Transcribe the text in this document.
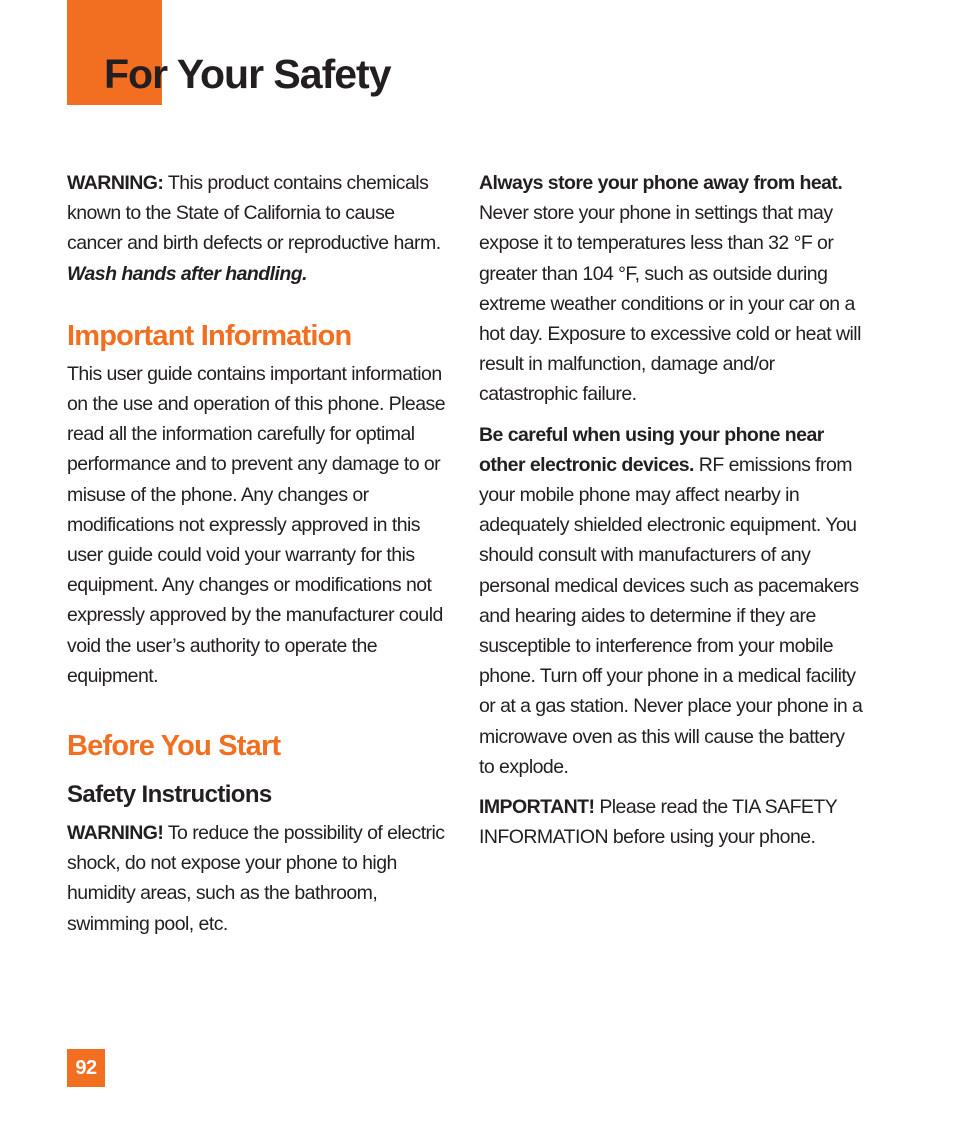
For Your Safety

WARNING: This product contains chemicals known to the State of California to cause cancer and birth defects or reproductive harm.
Wash hands after handling.

Important Information

This user guide contains important information on the use and operation of this phone. Please read all the information carefully for optimal performance and to prevent any damage to or misuse of the phone. Any changes or modifications not expressly approved in this user guide could void your warranty for this equipment. Any changes or modifications not expressly approved by the manufacturer could void the user’s authority to operate the equipment.

Before You Start
Safety Instructions

WARNING! To reduce the possibility of electric shock, do not expose your phone to high humidity areas, such as the bathroom, swimming pool, etc.

Always store your phone away from heat. Never store your phone in settings that may expose it to temperatures less than 32 °F or greater than 104 °F, such as outside during extreme weather conditions or in your car on a hot day. Exposure to excessive cold or heat will result in malfunction, damage and/or catastrophic failure.

Be careful when using your phone near other electronic devices. RF emissions from your mobile phone may affect nearby in adequately shielded electronic equipment. You should consult with manufacturers of any personal medical devices such as pacemakers and hearing aides to determine if they are susceptible to interference from your mobile phone. Turn off your phone in a medical facility or at a gas station. Never place your phone in a microwave oven as this will cause the battery to explode.

IMPORTANT! Please read the TIA SAFETY INFORMATION before using your phone.

92
